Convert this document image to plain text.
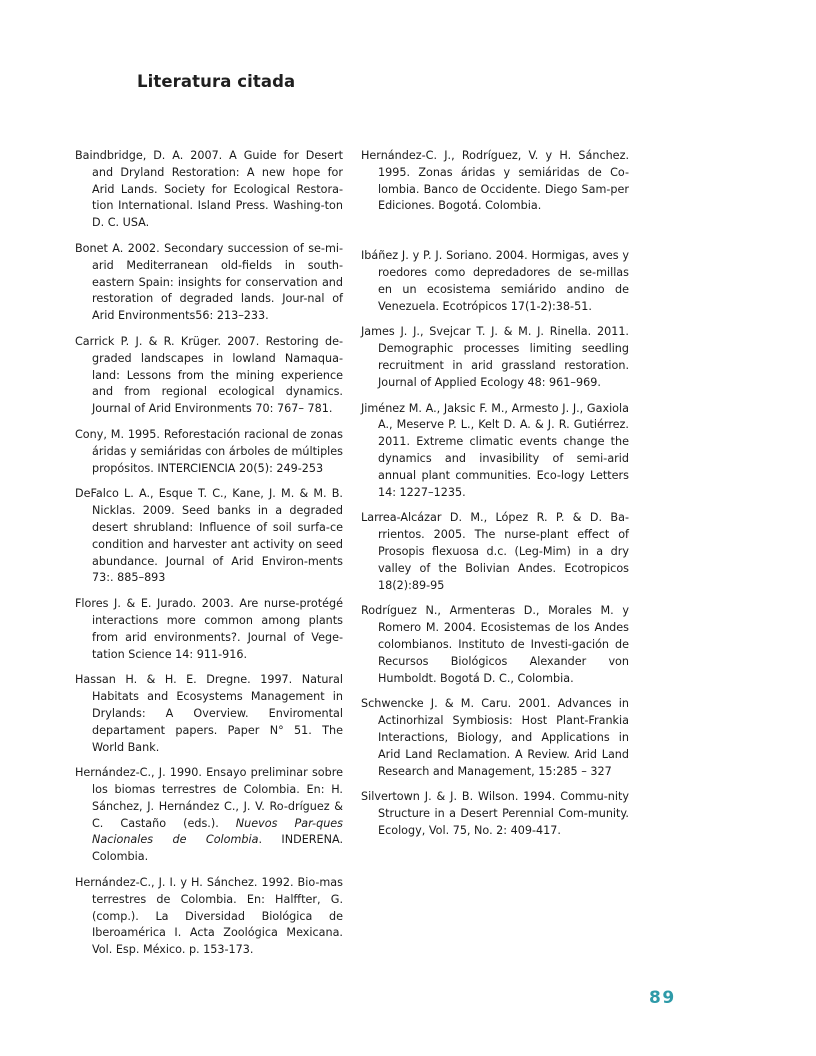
Literatura citada

Baindbridge, D. A. 2007. A Guide for Desert and Dryland Restoration: A new hope for Arid Lands. Society for Ecological Restora-tion International. Island Press. Washing-ton D. C. USA.

Bonet A. 2002. Secondary succession of se-mi-arid Mediterranean old-fields in south-eastern Spain: insights for conservation and restoration of degraded lands. Jour-nal of Arid Environments56: 213–233.

Carrick P. J. & R. Krüger. 2007. Restoring de-graded landscapes in lowland Namaqua-land: Lessons from the mining experience and from regional ecological dynamics. Journal of Arid Environments 70: 767– 781.

Cony, M. 1995. Reforestación racional de zonas áridas y semiáridas con árboles de múltiples propósitos. INTERCIENCIA 20(5): 249-253

DeFalco L. A., Esque T. C., Kane, J. M. & M. B. Nicklas. 2009. Seed banks in a degraded desert shrubland: Influence of soil surfa-ce condition and harvester ant activity on seed abundance. Journal of Arid Environ-ments 73:. 885–893

Flores J. & E. Jurado. 2003. Are nurse-protégé interactions more common among plants from arid environments?. Journal of Vege-tation Science 14: 911-916.

Hassan H. & H. E. Dregne. 1997. Natural Habitats and Ecosystems Management in Drylands: A Overview. Enviromental departament papers. Paper N° 51. The World Bank.

Hernández-C., J. 1990. Ensayo preliminar sobre los biomas terrestres de Colombia. En: H. Sánchez, J. Hernández C., J. V. Ro-dríguez & C. Castaño (eds.). Nuevos Par-ques Nacionales de Colombia. INDERENA. Colombia.

Hernández-C., J. I. y H. Sánchez. 1992. Bio-mas terrestres de Colombia. En: Halffter, G. (comp.). La Diversidad Biológica de Iberoamérica I. Acta Zoológica Mexicana. Vol. Esp. México. p. 153-173.

Hernández-C. J., Rodríguez, V. y H. Sánchez. 1995. Zonas áridas y semiáridas de Co-lombia. Banco de Occidente. Diego Sam-per Ediciones. Bogotá. Colombia.

Ibáñez J. y P. J. Soriano. 2004. Hormigas, aves y roedores como depredadores de se-millas en un ecosistema semiárido andino de Venezuela. Ecotrópicos 17(1-2):38-51.

James J. J., Svejcar T. J. & M. J. Rinella. 2011. Demographic processes limiting seedling recruitment in arid grassland restoration. Journal of Applied Ecology 48: 961–969.

Jiménez M. A., Jaksic F. M., Armesto J. J., Gaxiola A., Meserve P. L., Kelt D. A. & J. R. Gutiérrez. 2011. Extreme climatic events change the dynamics and invasibility of semi-arid annual plant communities. Eco-logy Letters 14: 1227–1235.

Larrea-Alcázar D. M., López R. P. & D. Ba-rrientos. 2005. The nurse-plant effect of Prosopis flexuosa d.c. (Leg-Mim) in a dry valley of the Bolivian Andes. Ecotropicos 18(2):89-95

Rodríguez N., Armenteras D., Morales M. y Romero M. 2004. Ecosistemas de los Andes colombianos. Instituto de Investi-gación de Recursos Biológicos Alexander von Humboldt. Bogotá D. C., Colombia.

Schwencke J. & M. Caru. 2001. Advances in Actinorhizal Symbiosis: Host Plant-Frankia Interactions, Biology, and Applications in Arid Land Reclamation. A Review. Arid Land Research and Management, 15:285 – 327

Silvertown J. & J. B. Wilson. 1994. Commu-nity Structure in a Desert Perennial Com-munity. Ecology, Vol. 75, No. 2: 409-417.

89
